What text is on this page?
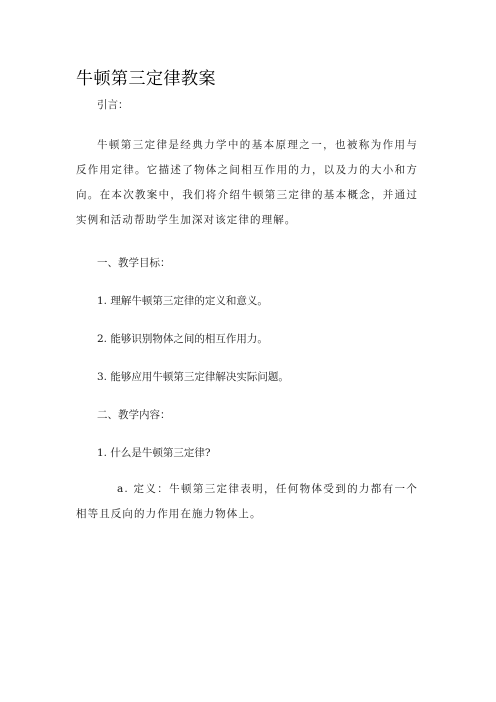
牛顿第三定律教案
引言：
牛顿第三定律是经典力学中的基本原理之一，也被称为作用与反作用定律。它描述了物体之间相互作用的力，以及力的大小和方向。在本次教案中，我们将介绍牛顿第三定律的基本概念，并通过实例和活动帮助学生加深对该定律的理解。
一、教学目标：
1. 理解牛顿第三定律的定义和意义。
2. 能够识别物体之间的相互作用力。
3. 能够应用牛顿第三定律解决实际问题。
二、教学内容：
1. 什么是牛顿第三定律?
a. 定义：牛顿第三定律表明，任何物体受到的力都有一个相等且反向的力作用在施力物体上。
